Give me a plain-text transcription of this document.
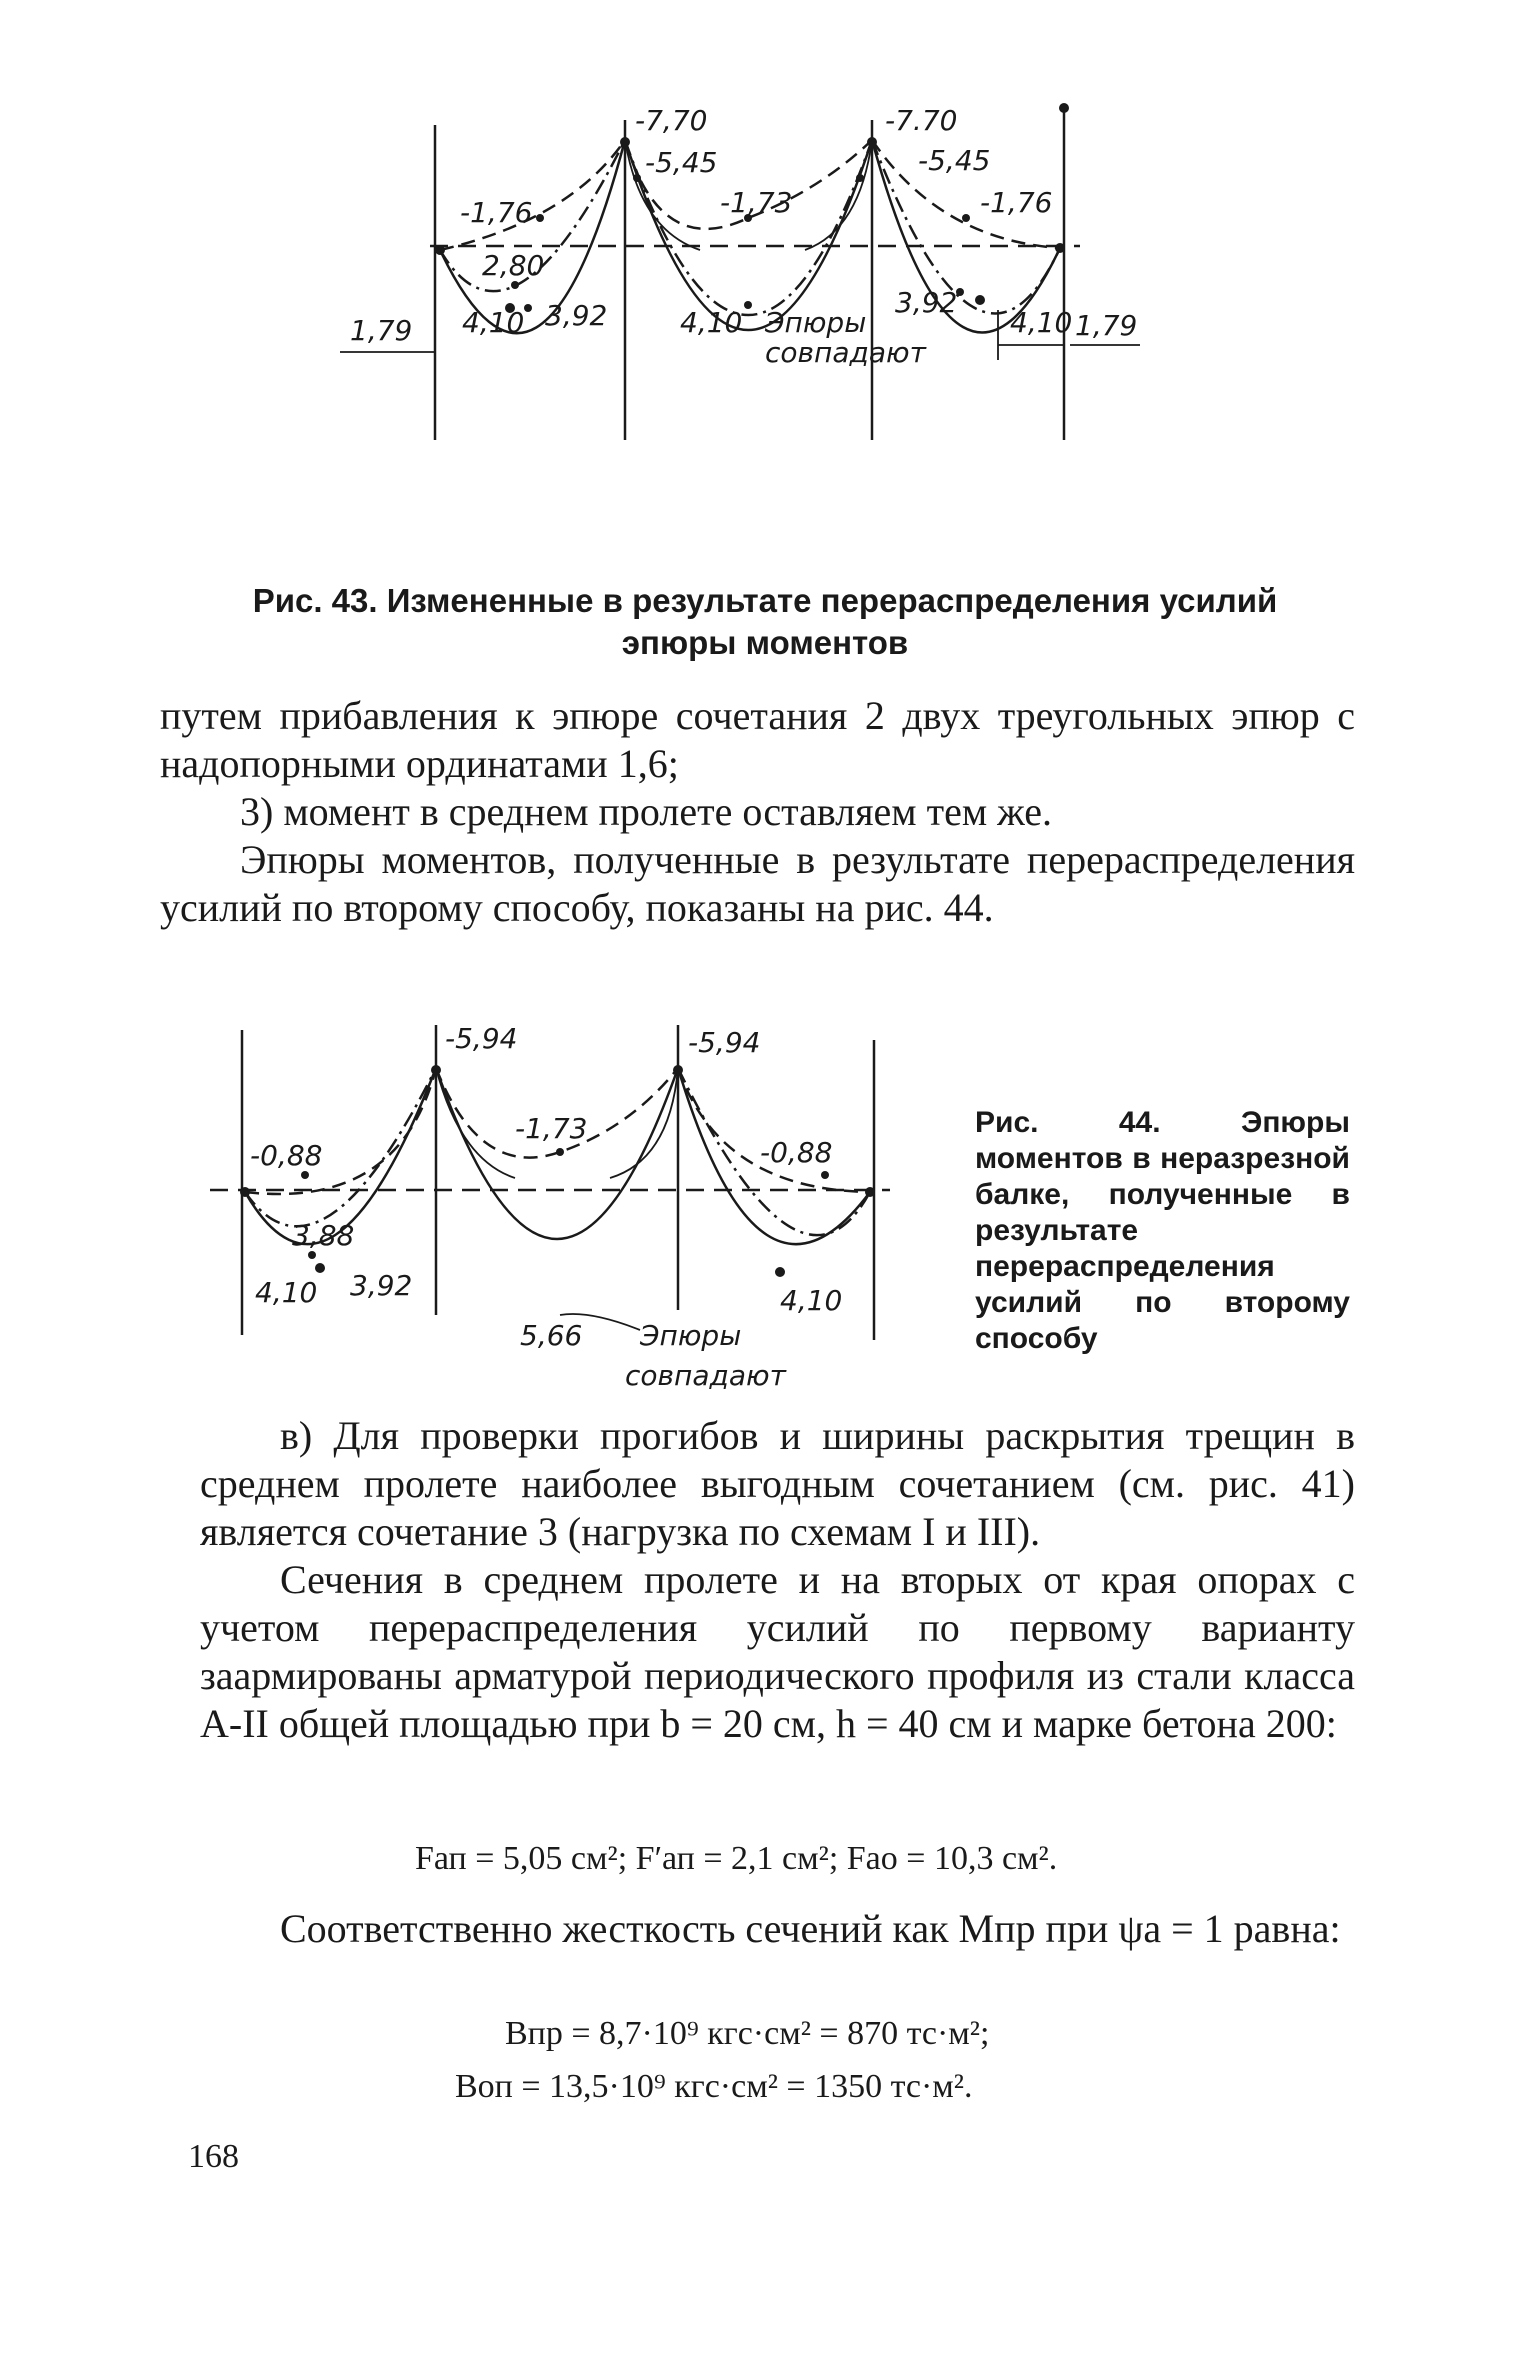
-7,70	-7.70
-5,45	-5,45
-1,76	-1,73	-1,76
2,80
4,10 3,92	4,10 Эпюры
совпадают
3,92
4,10
1,79	1,79
Рис. 43. Измененные в результате перераспределения усилий эпюры моментов

путем прибавления к эпюре сочетания 2 двух треугольных эпюр с надопорными ординатами 1,6;

3) момент в среднем пролете оставляем тем же.

Эпюры моментов, полученные в результате перераспределения усилий по второму способу, показаны на рис. 44.

-5,94	-5,94
-0,88
-1,73
-0,88
3,88
4,10 3,92
5,66 Эпюры
совпадают
4,10
Рис. 44. Эпюры моментов в неразрезной балке, полученные в результате перераспределения усилий по второму способу

в) Для проверки прогибов и ширины раскрытия трещин в среднем пролете наиболее выгодным сочетанием (см. рис. 41) является сочетание 3 (нагрузка по схемам I и III).

Сечения в среднем пролете и на вторых от края опорах с учетом перераспределения усилий по первому варианту заармированы арматурой периодического профиля из стали класса А-II общей площадью при b = 20 см, h = 40 см и марке бетона 200:

Fап = 5,05 см²; F′ап = 2,1 см²; Fао = 10,3 см².

Соответственно жесткость сечений как Mпр при ψа = 1 равна:

Bпр = 8,7·10⁹ кгс·см² = 870 тс·м²;
Bоп = 13,5·10⁹ кгс·см² = 1350 тс·м².
168
